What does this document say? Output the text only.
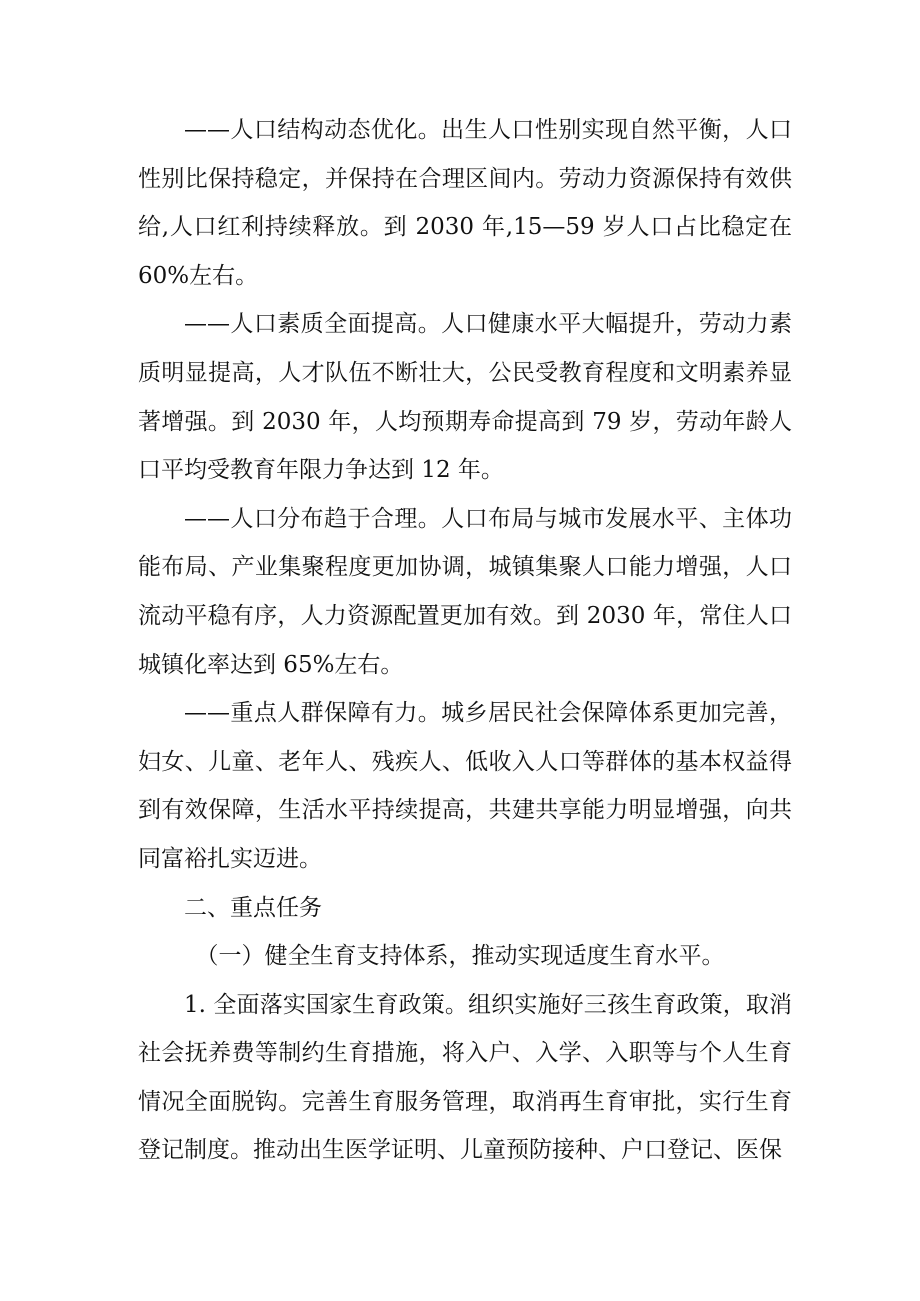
——人口结构动态优化。出生人口性别实现自然平衡，人口性别比保持稳定，并保持在合理区间内。劳动力资源保持有效供给,人口红利持续释放。到 2030 年,15—59 岁人口占比稳定在 60%左右。

——人口素质全面提高。人口健康水平大幅提升，劳动力素质明显提高，人才队伍不断壮大，公民受教育程度和文明素养显著增强。到 2030 年，人均预期寿命提高到 79 岁，劳动年龄人口平均受教育年限力争达到 12 年。

——人口分布趋于合理。人口布局与城市发展水平、主体功能布局、产业集聚程度更加协调，城镇集聚人口能力增强，人口流动平稳有序，人力资源配置更加有效。到 2030 年，常住人口城镇化率达到 65%左右。

——重点人群保障有力。城乡居民社会保障体系更加完善，妇女、儿童、老年人、残疾人、低收入人口等群体的基本权益得到有效保障，生活水平持续提高，共建共享能力明显增强，向共同富裕扎实迈进。

二、重点任务

（一）健全生育支持体系，推动实现适度生育水平。

1. 全面落实国家生育政策。组织实施好三孩生育政策，取消社会抚养费等制约生育措施，将入户、入学、入职等与个人生育情况全面脱钩。完善生育服务管理，取消再生育审批，实行生育登记制度。推动出生医学证明、儿童预防接种、户口登记、医保
